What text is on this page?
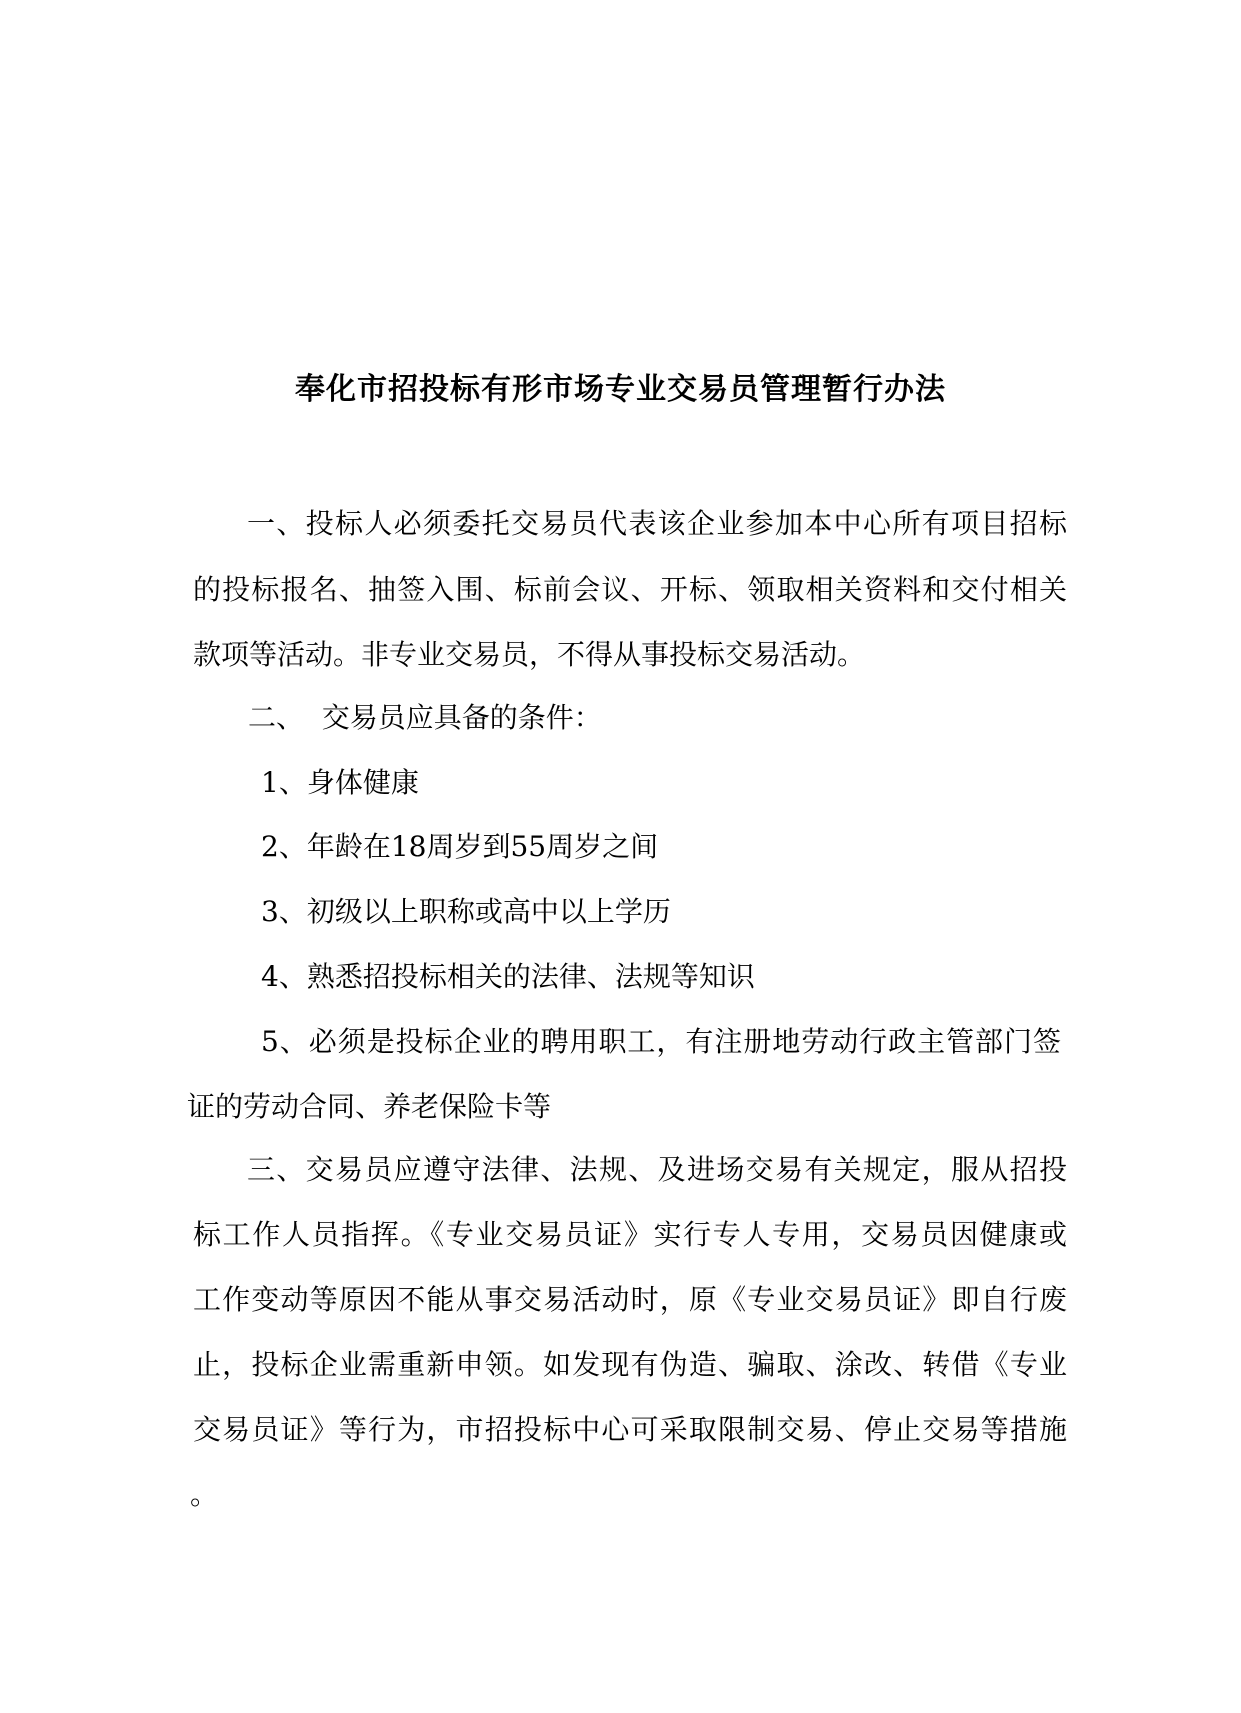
奉化市招投标有形市场专业交易员管理暂行办法
一、投标人必须委托交易员代表该企业参加本中心所有项目招标
的投标报名、抽签入围、标前会议、开标、领取相关资料和交付相关
款项等活动。非专业交易员，不得从事投标交易活动。
二、  交易员应具备的条件：
1、身体健康
2、年龄在18周岁到55周岁之间
3、初级以上职称或高中以上学历
4、熟悉招投标相关的法律、法规等知识
5、必须是投标企业的聘用职工，有注册地劳动行政主管部门签
证的劳动合同、养老保险卡等
三、交易员应遵守法律、法规、及进场交易有关规定，服从招投
标工作人员指挥。《专业交易员证》实行专人专用，交易员因健康或
工作变动等原因不能从事交易活动时，原《专业交易员证》即自行废
止，投标企业需重新申领。如发现有伪造、骗取、涂改、转借《专业
交易员证》等行为，市招投标中心可采取限制交易、停止交易等措施
。
